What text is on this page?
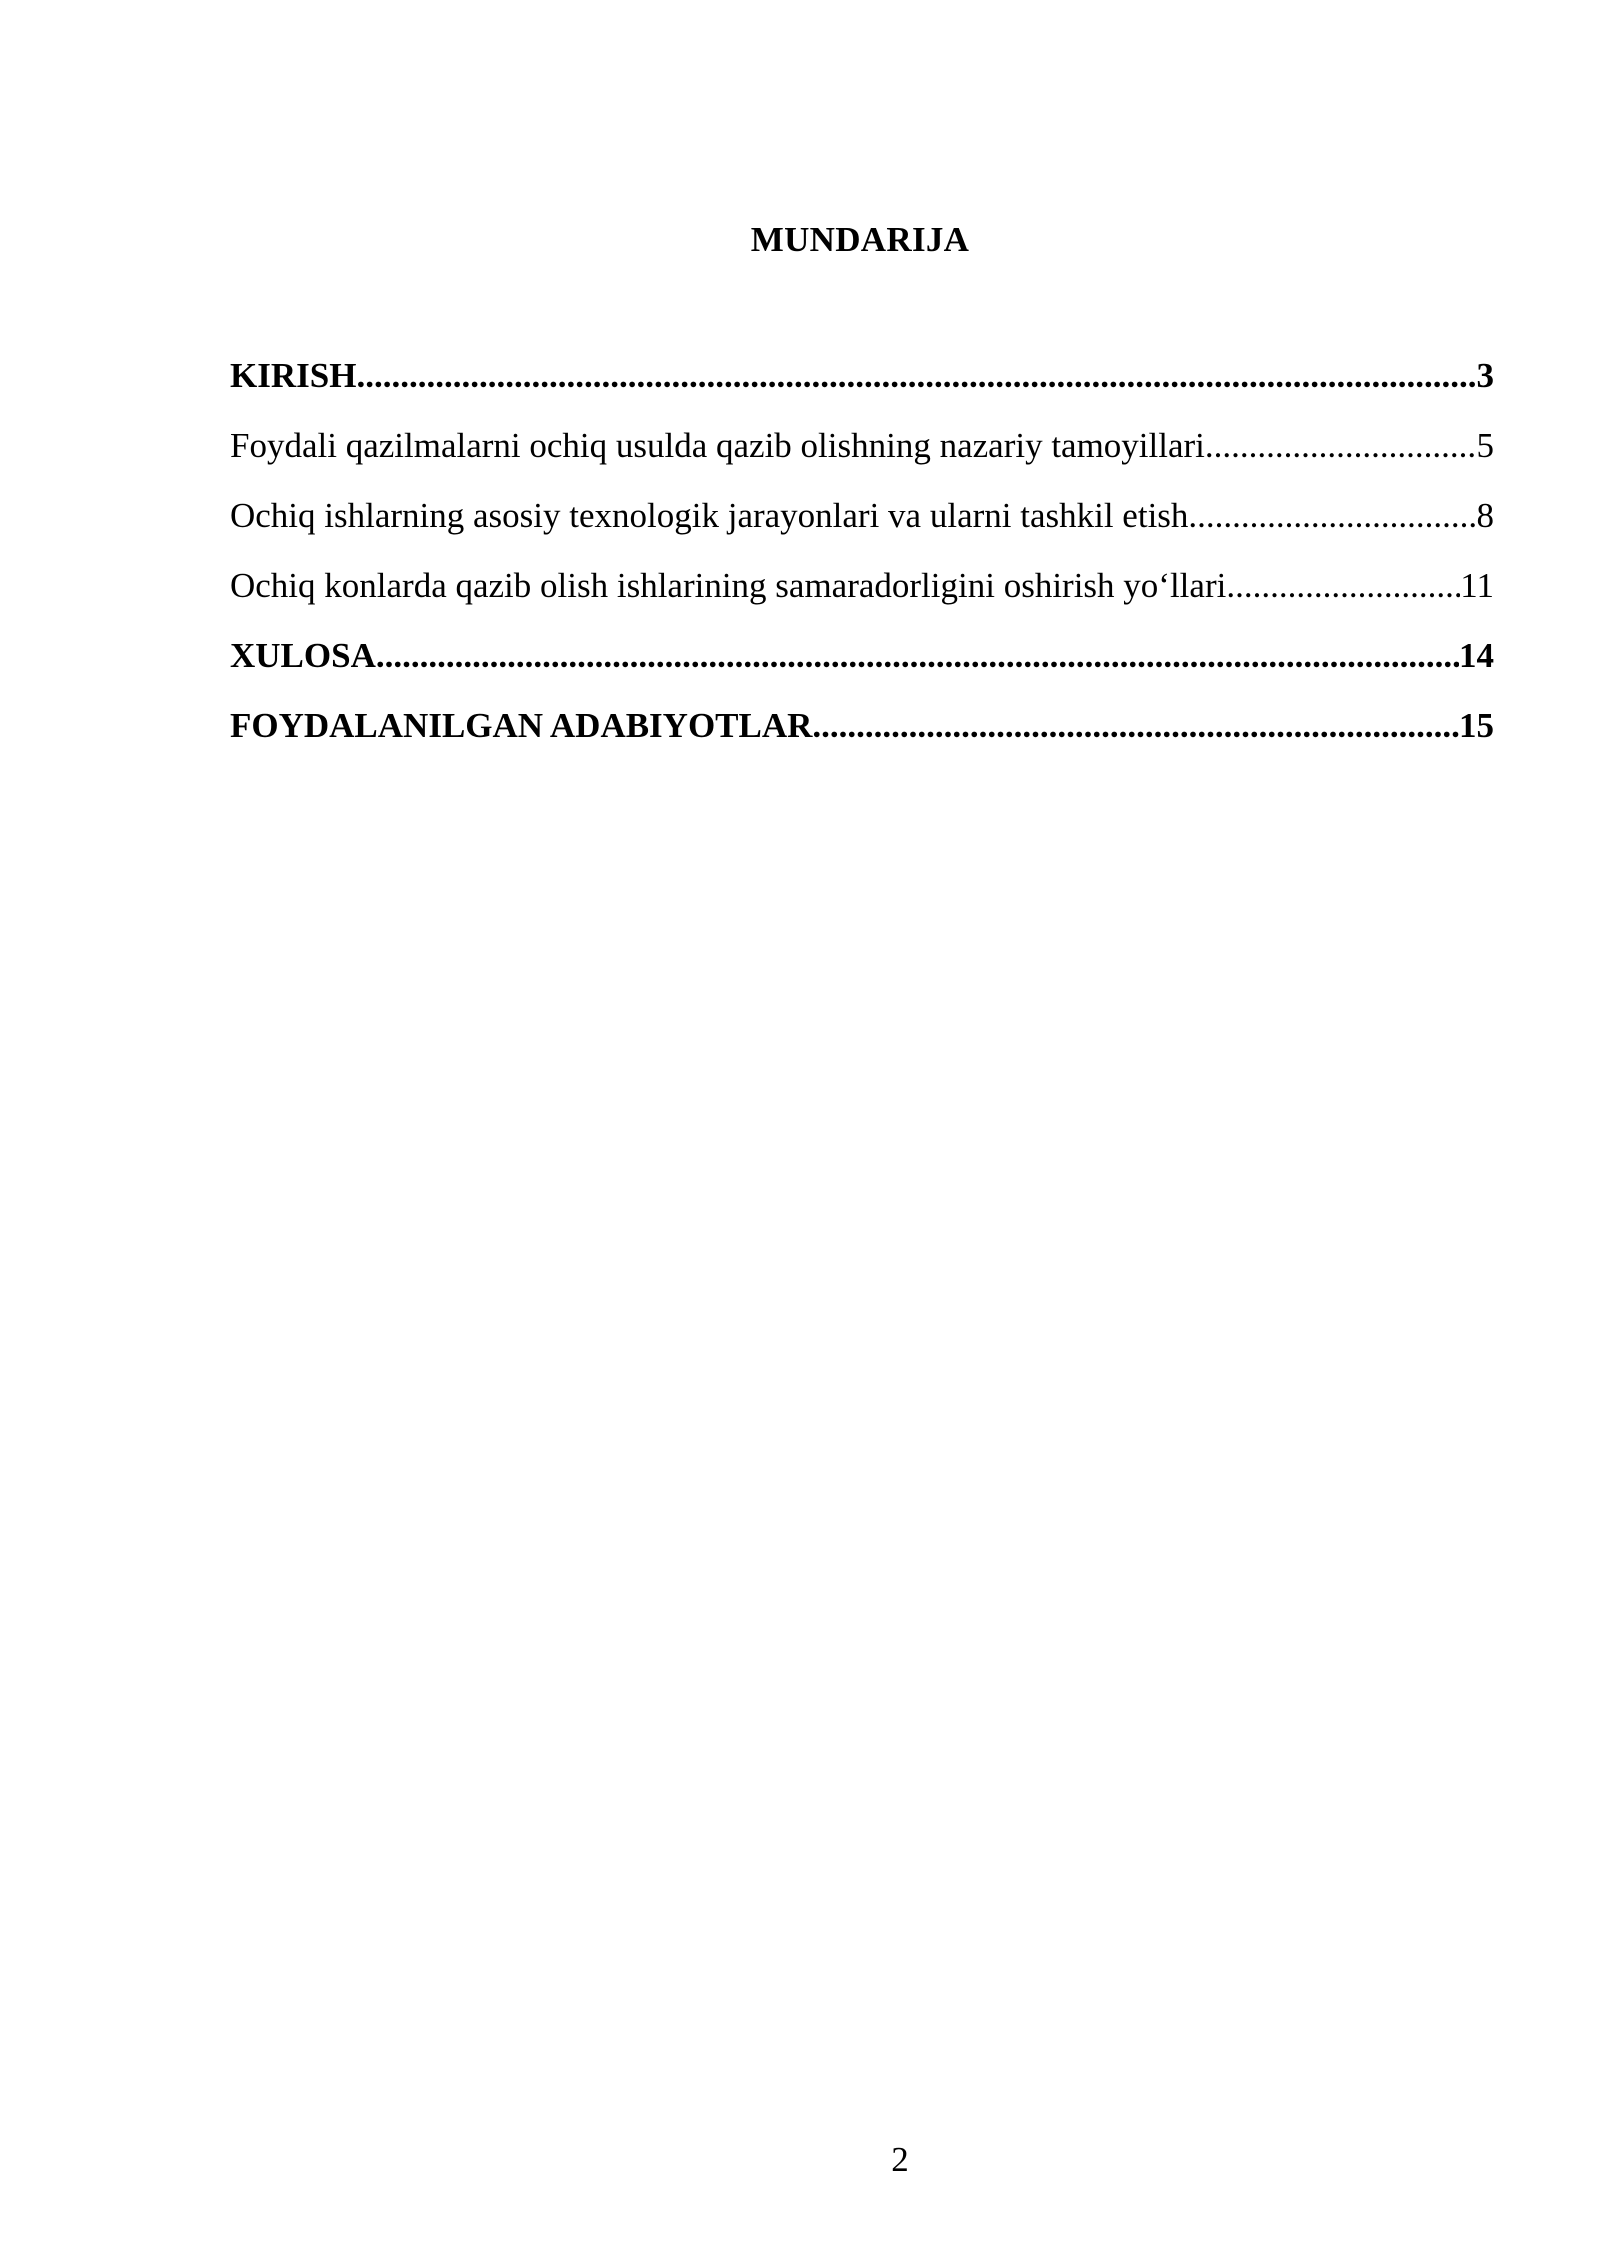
MUNDARIJA
KIRISH .....	3
Foydali qazilmalarni ochiq usulda qazib olishning nazariy tamoyillari .....	5
Ochiq ishlarning asosiy texnologik jarayonlari va ularni tashkil etish .....	8
Ochiq konlarda qazib olish ishlarining samaradorligini oshirish yo‘llari .....	11
XULOSA .....	14
FOYDALANILGAN ADABIYOTLAR .....	15
2
